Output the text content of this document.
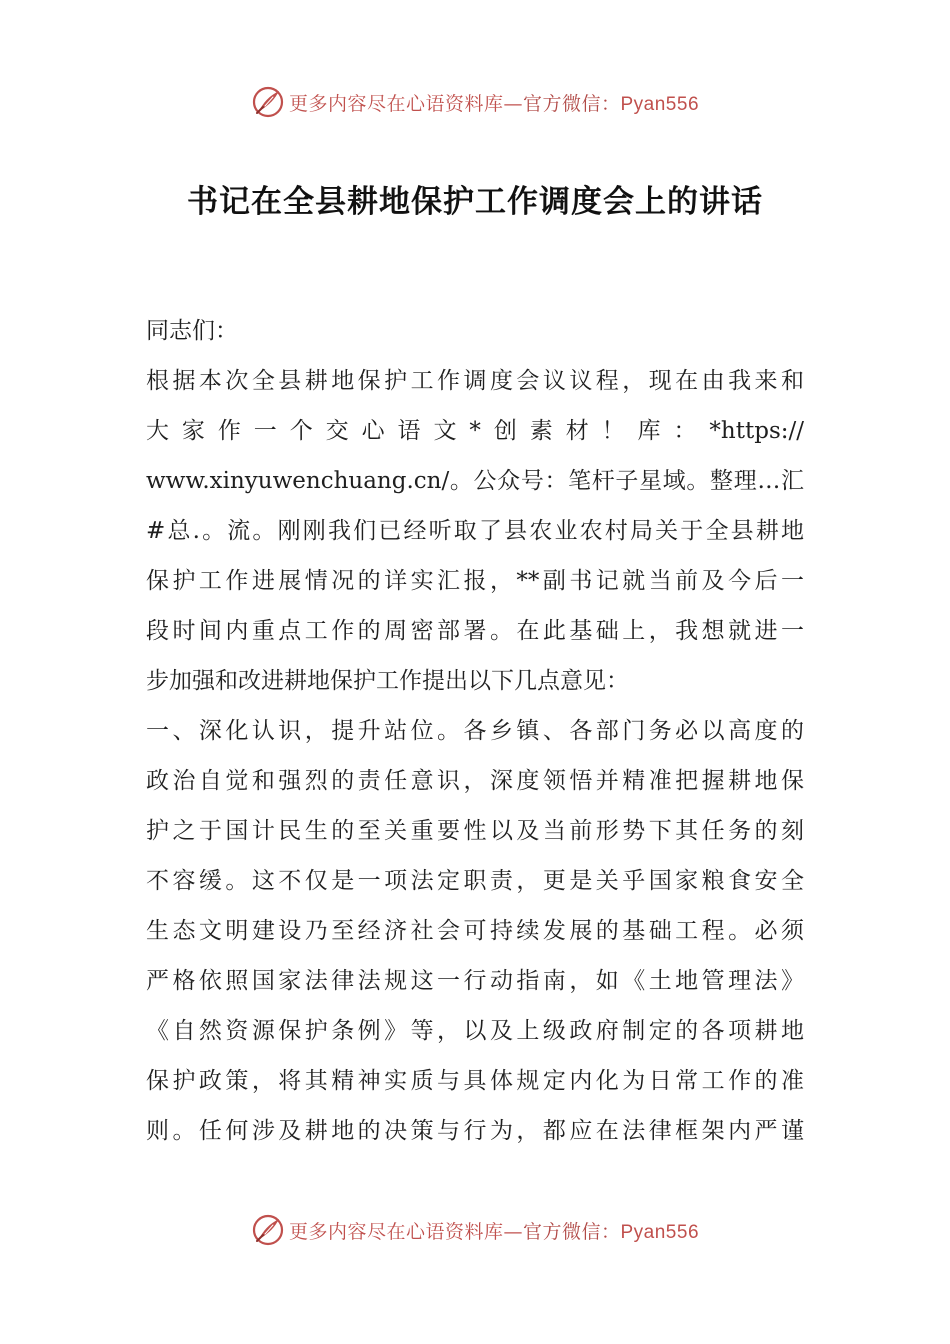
更多内容尽在心语资料库—官方微信：Pyan556
书记在全县耕地保护工作调度会上的讲话
同志们：
根据本次全县耕地保护工作调度会议议程，现在由我来和
大家作一个交心语文*创素材！库：*https://
www.xinyuwenchuang.cn/。公众号：笔杆子星域。整理…汇
#总.。流。刚刚我们已经听取了县农业农村局关于全县耕地
保护工作进展情况的详实汇报，**副书记就当前及今后一
段时间内重点工作的周密部署。在此基础上，我想就进一
步加强和改进耕地保护工作提出以下几点意见：
一、深化认识，提升站位。各乡镇、各部门务必以高度的
政治自觉和强烈的责任意识，深度领悟并精准把握耕地保
护之于国计民生的至关重要性以及当前形势下其任务的刻
不容缓。这不仅是一项法定职责，更是关乎国家粮食安全
生态文明建设乃至经济社会可持续发展的基础工程。必须
严格依照国家法律法规这一行动指南，如《土地管理法》
《自然资源保护条例》等，以及上级政府制定的各项耕地
保护政策，将其精神实质与具体规定内化为日常工作的准
则。任何涉及耕地的决策与行为，都应在法律框架内严谨
更多内容尽在心语资料库—官方微信：Pyan556
